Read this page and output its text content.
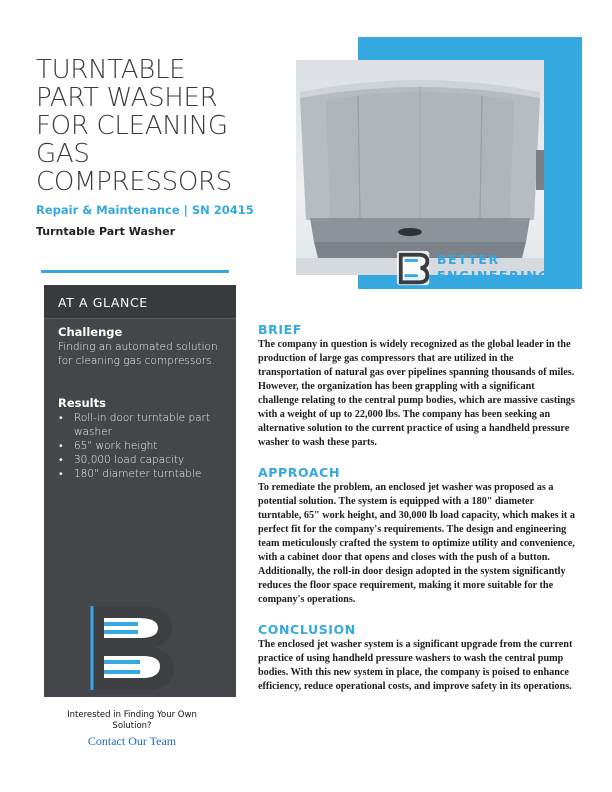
TURNTABLE
PART WASHER
FOR CLEANING
GAS
COMPRESSORS
Repair & Maintenance | SN 20415
Turntable Part Washer
BETTER
ENGINEERING
AT A GLANCE
Challenge
Finding an automated solution for cleaning gas compressors.
Results
• Roll-in door turntable part washer
• 65" work height
• 30,000 load capacity
• 180" diameter turntable
Interested in Finding Your Own Solution?
Contact Our Team
BRIEF

The company in question is widely recognized as the global leader in the production of large gas compressors that are utilized in the transportation of natural gas over pipelines spanning thousands of miles. However, the organization has been grappling with a significant challenge relating to the central pump bodies, which are massive castings with a weight of up to 22,000 lbs. The company has been seeking an alternative solution to the current practice of using a handheld pressure washer to wash these parts.

APPROACH

To remediate the problem, an enclosed jet washer was proposed as a potential solution. The system is equipped with a 180" diameter turntable, 65" work height, and 30,000 lb load capacity, which makes it a perfect fit for the company's requirements. The design and engineering team meticulously crafted the system to optimize utility and convenience, with a cabinet door that opens and closes with the push of a button. Additionally, the roll-in door design adopted in the system significantly reduces the floor space requirement, making it more suitable for the company's operations.

CONCLUSION

The enclosed jet washer system is a significant upgrade from the current practice of using handheld pressure washers to wash the central pump bodies. With this new system in place, the company is poised to enhance efficiency, reduce operational costs, and improve safety in its operations.
